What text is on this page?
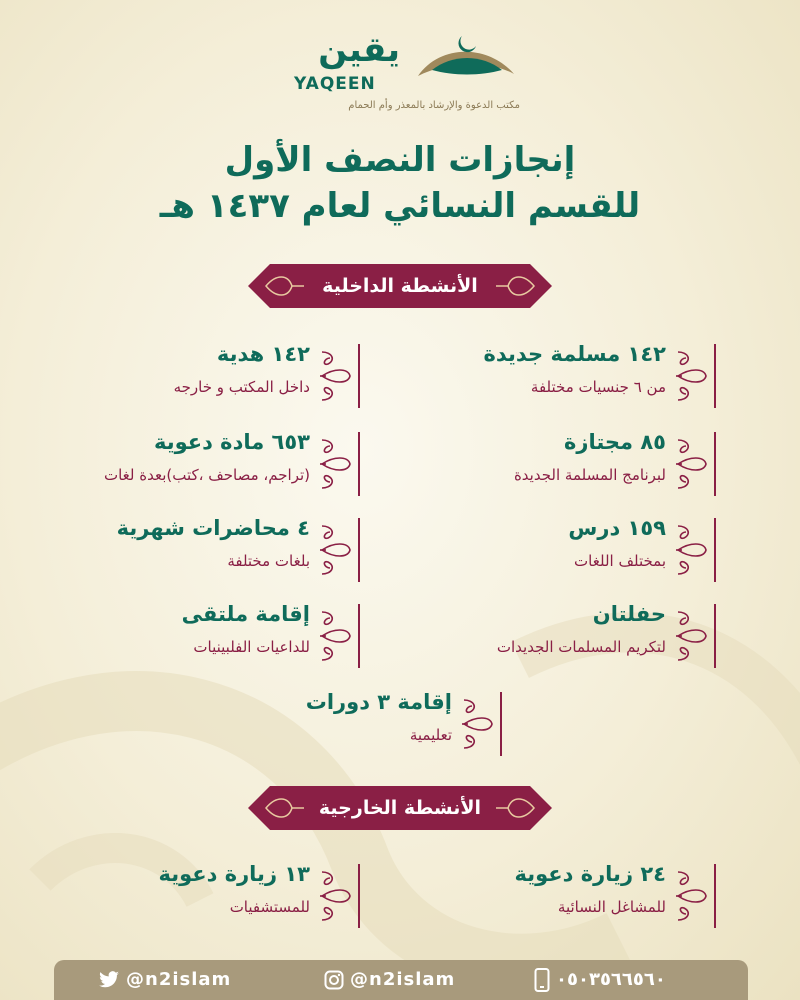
يقين
YAQEEN
مكتب الدعوة والإرشاد بالمعذر وأم الحمام
إنجازات النصف الأول
للقسم النسائي لعام ١٤٣٧ هـ
الأنشطة الداخلية
١٤٢ مسلمة جديدة
من ٦ جنسيات مختلفة
١٤٢ هدية
داخل المكتب و خارجه
٨٥ مجتازة
لبرنامج المسلمة الجديدة
٦٥٣ مادة دعوية
(تراجم، مصاحف ،كتب)بعدة لغات
١٥٩ درس
بمختلف اللغات
٤ محاضرات شهرية
بلغات مختلفة
حفلتان
لتكريم المسلمات الجديدات
إقامة ملتقى
للداعيات الفلبينيات
إقامة ٣ دورات
تعليمية
الأنشطة الخارجية
٢٤ زيارة دعوية
للمشاغل النسائية
١٣ زيارة دعوية
للمستشفيات
@n2islam	@n2islam	٠٥٠٣٥٦٦٥٦٠
